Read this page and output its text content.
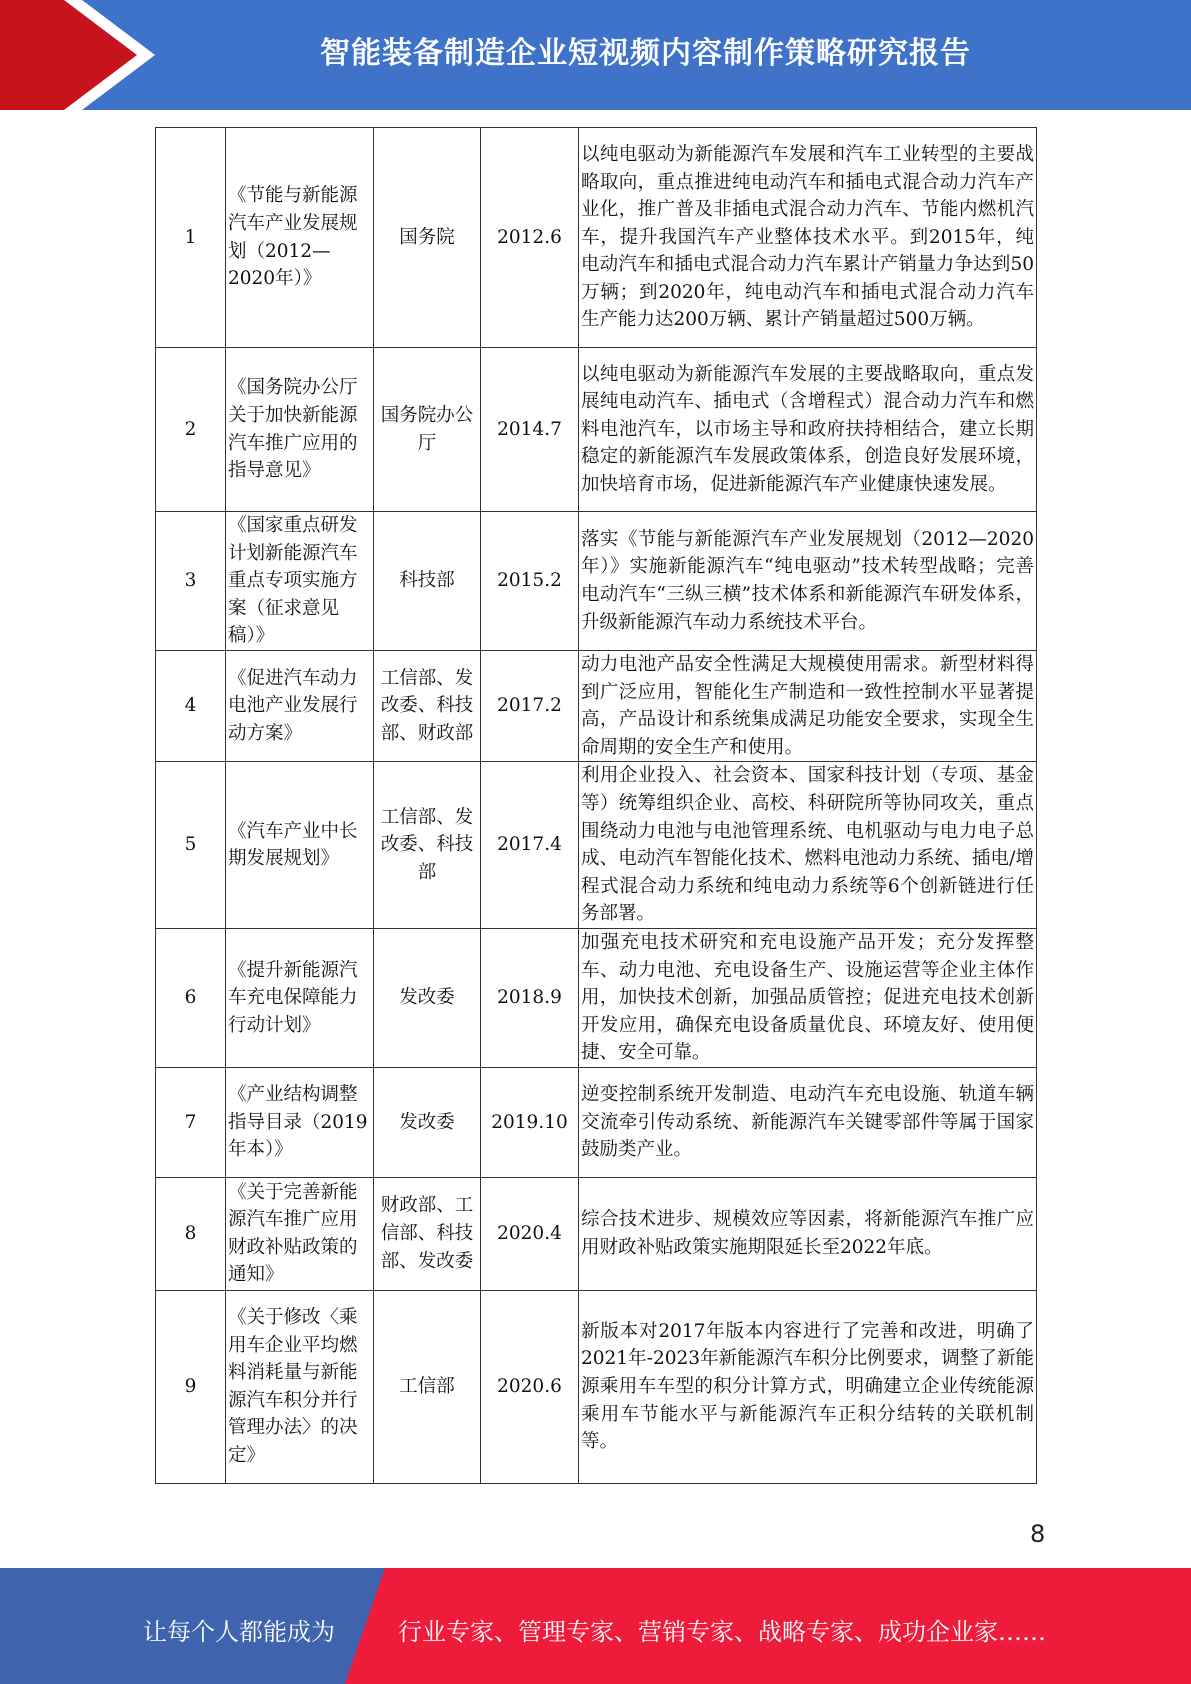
智能装备制造企业短视频内容制作策略研究报告
1	《节能与新能源汽车产业发展规划（2012—2020年）》	国务院	2012.6	以纯电驱动为新能源汽车发展和汽车工业转型的主要战略取向，重点推进纯电动汽车和插电式混合动力汽车产业化，推广普及非插电式混合动力汽车、节能内燃机汽车，提升我国汽车产业整体技术水平。到2015年，纯电动汽车和插电式混合动力汽车累计产销量力争达到50万辆；到2020年，纯电动汽车和插电式混合动力汽车生产能力达200万辆、累计产销量超过500万辆。
2	《国务院办公厅关于加快新能源汽车推广应用的指导意见》	国务院办公厅	2014.7	以纯电驱动为新能源汽车发展的主要战略取向，重点发展纯电动汽车、插电式（含增程式）混合动力汽车和燃料电池汽车，以市场主导和政府扶持相结合，建立长期稳定的新能源汽车发展政策体系，创造良好发展环境，加快培育市场，促进新能源汽车产业健康快速发展。
3	《国家重点研发计划新能源汽车重点专项实施方案（征求意见稿）》	科技部	2015.2	落实《节能与新能源汽车产业发展规划（2012—2020年）》实施新能源汽车“纯电驱动”技术转型战略；完善电动汽车“三纵三横”技术体系和新能源汽车研发体系，升级新能源汽车动力系统技术平台。
4	《促进汽车动力电池产业发展行动方案》	工信部、发改委、科技部、财政部	2017.2	动力电池产品安全性满足大规模使用需求。新型材料得到广泛应用，智能化生产制造和一致性控制水平显著提高，产品设计和系统集成满足功能安全要求，实现全生命周期的安全生产和使用。
5	《汽车产业中长期发展规划》	工信部、发改委、科技部	2017.4	利用企业投入、社会资本、国家科技计划（专项、基金等）统筹组织企业、高校、科研院所等协同攻关，重点围绕动力电池与电池管理系统、电机驱动与电力电子总成、电动汽车智能化技术、燃料电池动力系统、插电/增程式混合动力系统和纯电动力系统等6个创新链进行任务部署。
6	《提升新能源汽车充电保障能力行动计划》	发改委	2018.9	加强充电技术研究和充电设施产品开发；充分发挥整车、动力电池、充电设备生产、设施运营等企业主体作用，加快技术创新，加强品质管控；促进充电技术创新开发应用，确保充电设备质量优良、环境友好、使用便捷、安全可靠。
7	《产业结构调整指导目录（2019年本）》	发改委	2019.10	逆变控制系统开发制造、电动汽车充电设施、轨道车辆交流牵引传动系统、新能源汽车关键零部件等属于国家鼓励类产业。
8	《关于完善新能源汽车推广应用财政补贴政策的通知》	财政部、工信部、科技部、发改委	2020.4	综合技术进步、规模效应等因素，将新能源汽车推广应用财政补贴政策实施期限延长至2022年底。
9	《关于修改〈乘用车企业平均燃料消耗量与新能源汽车积分并行管理办法〉的决定》	工信部	2020.6	新版本对2017年版本内容进行了完善和改进，明确了2021年-2023年新能源汽车积分比例要求，调整了新能源乘用车车型的积分计算方式，明确建立企业传统能源乘用车节能水平与新能源汽车正积分结转的关联机制等。
8
让每个人都能成为	行业专家、管理专家、营销专家、战略专家、成功企业家……
